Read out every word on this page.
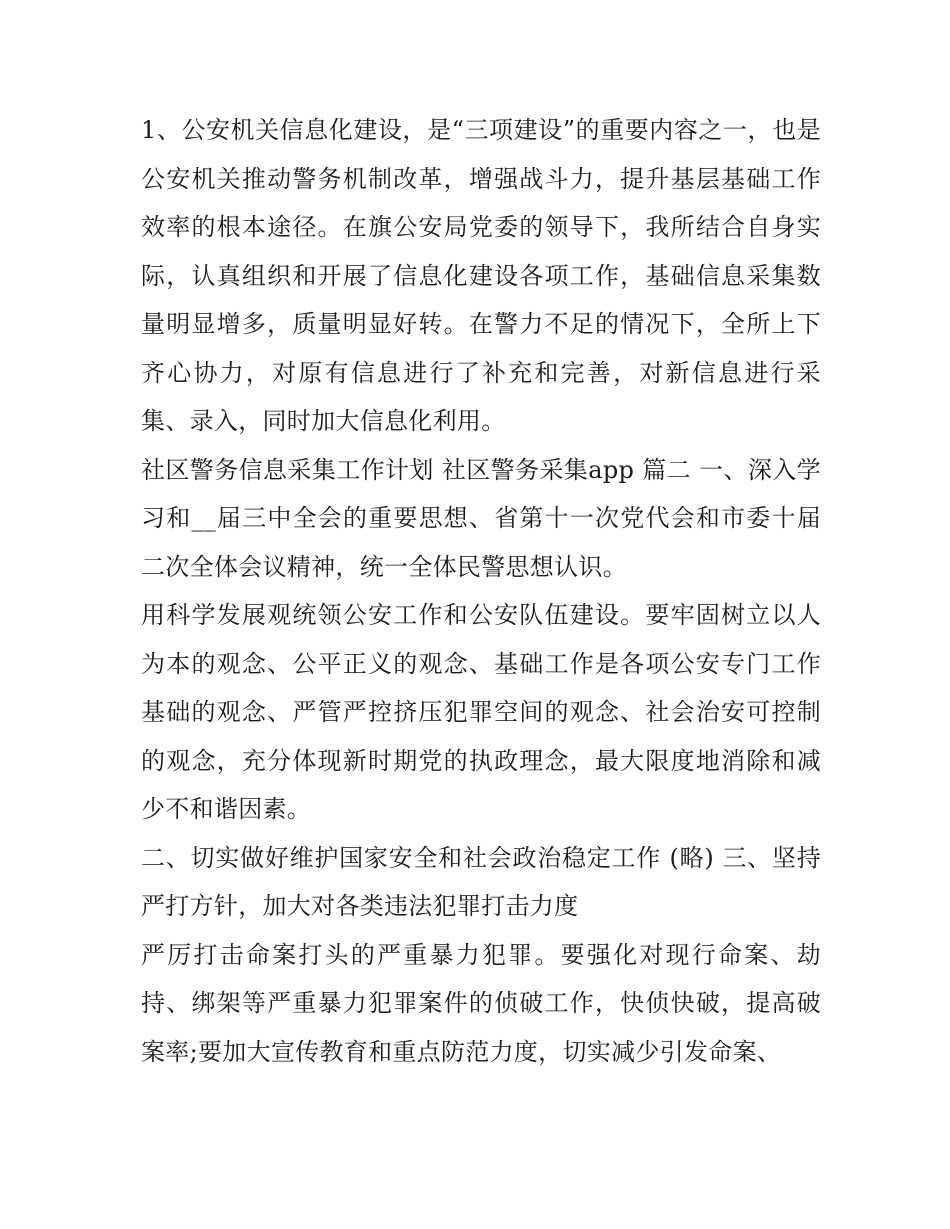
1、公安机关信息化建设，是“三项建设”的重要内容之一，也是公安机关推动警务机制改革，增强战斗力，提升基层基础工作效率的根本途径。在旗公安局党委的领导下，我所结合自身实际，认真组织和开展了信息化建设各项工作，基础信息采集数量明显增多，质量明显好转。在警力不足的情况下，全所上下齐心协力，对原有信息进行了补充和完善，对新信息进行采集、录入，同时加大信息化利用。

社区警务信息采集工作计划 社区警务采集app 篇二 一、深入学习和__届三中全会的重要思想、省第十一次党代会和市委十届二次全体会议精神，统一全体民警思想认识。

用科学发展观统领公安工作和公安队伍建设。要牢固树立以人为本的观念、公平正义的观念、基础工作是各项公安专门工作基础的观念、严管严控挤压犯罪空间的观念、社会治安可控制的观念，充分体现新时期党的执政理念，最大限度地消除和减少不和谐因素。

二、切实做好维护国家安全和社会政治稳定工作 (略) 三、坚持严打方针，加大对各类违法犯罪打击力度

严厉打击命案打头的严重暴力犯罪。要强化对现行命案、劫持、绑架等严重暴力犯罪案件的侦破工作，快侦快破，提高破案率;要加大宣传教育和重点防范力度，切实减少引发命案、
